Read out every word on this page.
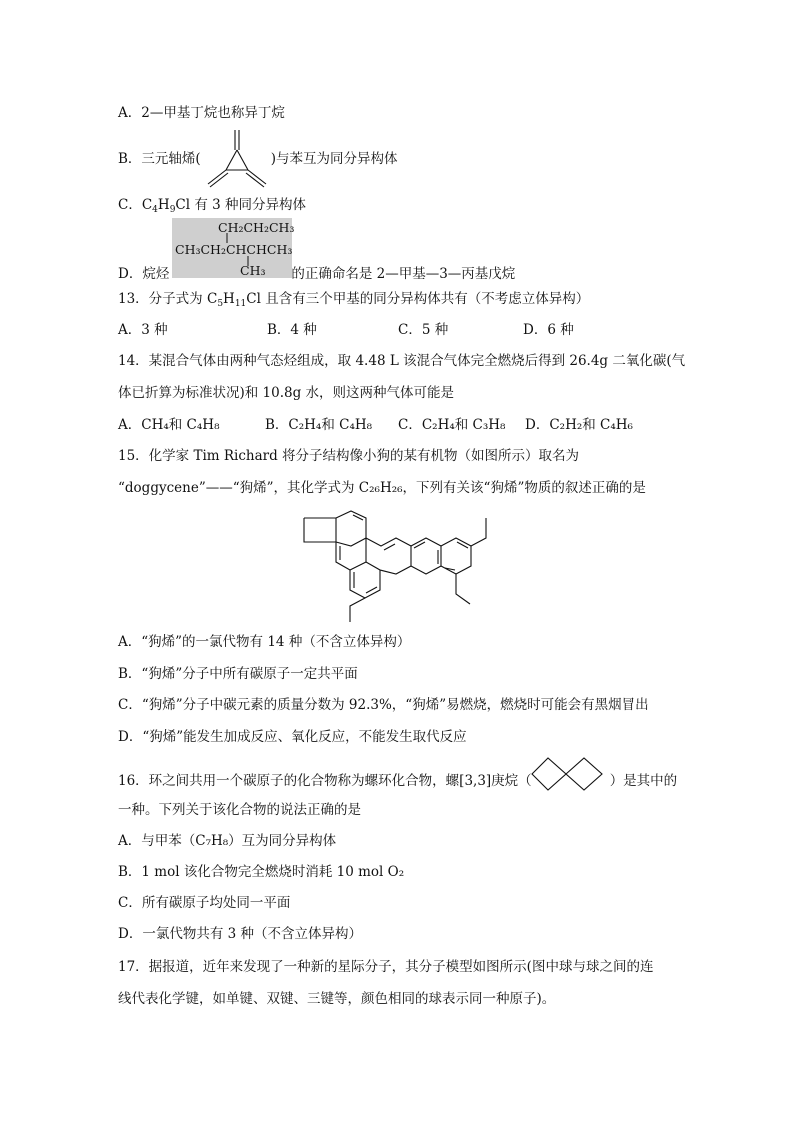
A．2—甲基丁烷也称异丁烷
B．三元轴烯(	)与苯互为同分异构体
C．$C_4H_9Cl$ 有 3 种同分异构体
CH₂CH₂CH₃
CH₃CH₂CHCHCH₃
CH₃
D．烷烃	的正确命名是 2—甲基—3—丙基戊烷
13．分子式为 $C_5H_{11}Cl$ 且含有三个甲基的同分异构体共有（不考虑立体异构）
A．3 种	B．4 种	C．5 种	D．6 种
14．某混合气体由两种气态烃组成，取 4.48 L 该混合气体完全燃烧后得到 26.4g 二氧化碳(气
体已折算为标准状况)和 10.8g 水，则这两种气体可能是
A．CH₄和 C₄H₈	B．C₂H₄和 C₄H₈ C．C₂H₄和 C₃H₈ D．C₂H₂和 C₄H₆
15．化学家 Tim Richard 将分子结构像小狗的某有机物（如图所示）取名为
“doggycene”——“狗烯”，其化学式为 C₂₆H₂₆，下列有关该“狗烯”物质的叙述正确的是
A．“狗烯”的一氯代物有 14 种（不含立体异构）
B．“狗烯”分子中所有碳原子一定共平面
C．“狗烯”分子中碳元素的质量分数为 92.3%，“狗烯”易燃烧，燃烧时可能会有黑烟冒出
D．“狗烯”能发生加成反应、氧化反应，不能发生取代反应
16．环之间共用一个碳原子的化合物称为螺环化合物，螺[3,3]庚烷（	）是其中的
一种。下列关于该化合物的说法正确的是
A．与甲苯（C₇H₈）互为同分异构体
B．1 mol 该化合物完全燃烧时消耗 10 mol O₂
C．所有碳原子均处同一平面
D．一氯代物共有 3 种（不含立体异构）
17．据报道，近年来发现了一种新的星际分子，其分子模型如图所示(图中球与球之间的连
线代表化学键，如单键、双键、三键等，颜色相同的球表示同一种原子)。
